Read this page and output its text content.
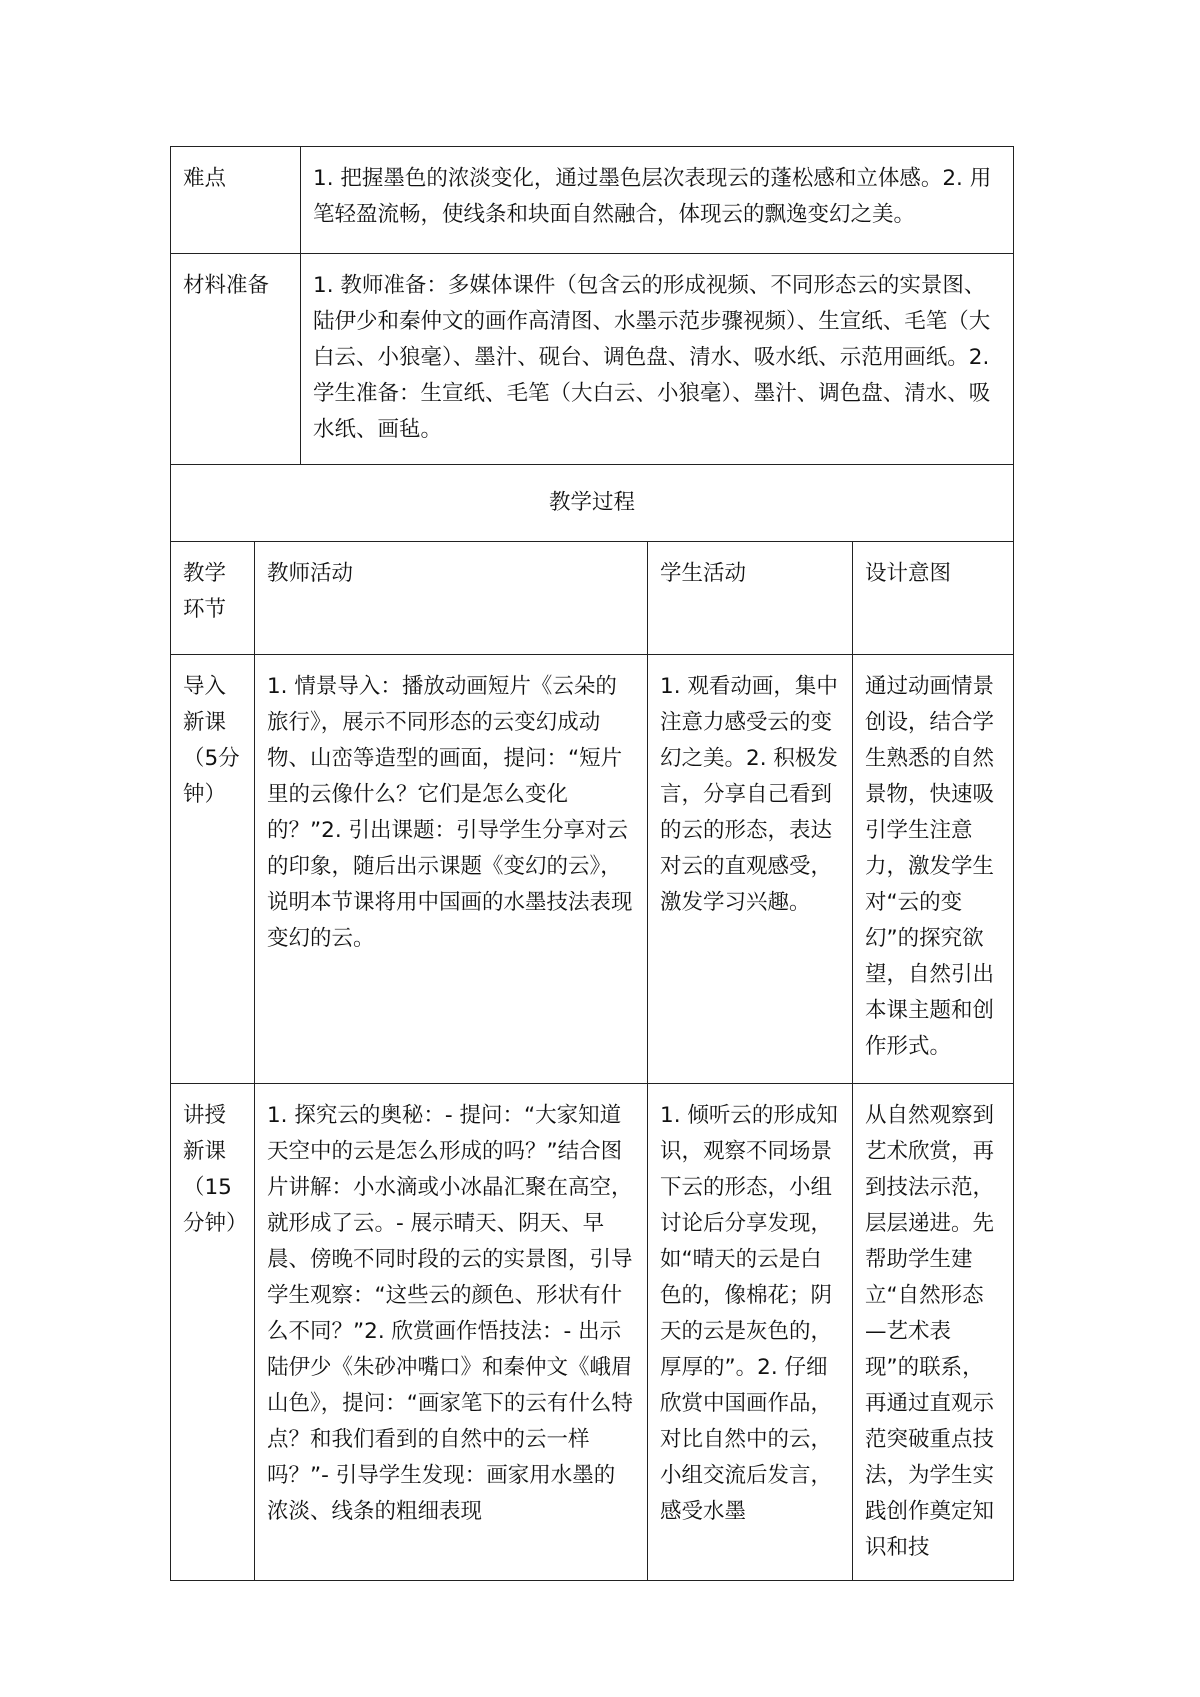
难点		1. 把握墨色的浓淡变化，通过墨色层次表现云的蓬松感和立体感。2. 用笔轻盈流畅，使线条和块面自然融合，体现云的飘逸变幻之美。		
材料准备		1. 教师准备：多媒体课件（包含云的形成视频、不同形态云的实景图、陆伊少和秦仲文的画作高清图、水墨示范步骤视频）、生宣纸、毛笔（大白云、小狼毫）、墨汁、砚台、调色盘、清水、吸水纸、示范用画纸。2. 学生准备：生宣纸、毛笔（大白云、小狼毫）、墨汁、调色盘、清水、吸水纸、画毡。		
教学过程				
教学环节	教师活动		学生活动	设计意图
导入新课（5分钟）	1. 情景导入：播放动画短片《云朵的旅行》，展示不同形态的云变幻成动物、山峦等造型的画面，提问：“短片里的云像什么？它们是怎么变化的？”2. 引出课题：引导学生分享对云的印象，随后出示课题《变幻的云》，说明本节课将用中国画的水墨技法表现变幻的云。		1. 观看动画，集中注意力感受云的变幻之美。2. 积极发言，分享自己看到的云的形态，表达对云的直观感受，激发学习兴趣。	通过动画情景创设，结合学生熟悉的自然景物，快速吸引学生注意力，激发学生对“云的变幻”的探究欲望，自然引出本课主题和创作形式。
讲授新课（15分钟）	1. 探究云的奥秘：- 提问：“大家知道天空中的云是怎么形成的吗？”结合图片讲解：小水滴或小冰晶汇聚在高空，就形成了云。- 展示晴天、阴天、早晨、傍晚不同时段的云的实景图，引导学生观察：“这些云的颜色、形状有什么不同？”2. 欣赏画作悟技法：- 出示陆伊少《朱砂冲嘴口》和秦仲文《峨眉山色》，提问：“画家笔下的云有什么特点？和我们看到的自然中的云一样吗？”- 引导学生发现：画家用水墨的浓淡、线条的粗细表现		1. 倾听云的形成知识，观察不同场景下云的形态，小组讨论后分享发现，如“晴天的云是白色的，像棉花；阴天的云是灰色的，厚厚的”。2. 仔细欣赏中国画作品，对比自然中的云，小组交流后发言，感受水墨	从自然观察到艺术欣赏，再到技法示范，层层递进。先帮助学生建立“自然形态—艺术表现”的联系，再通过直观示范突破重点技法，为学生实践创作奠定知识和技
